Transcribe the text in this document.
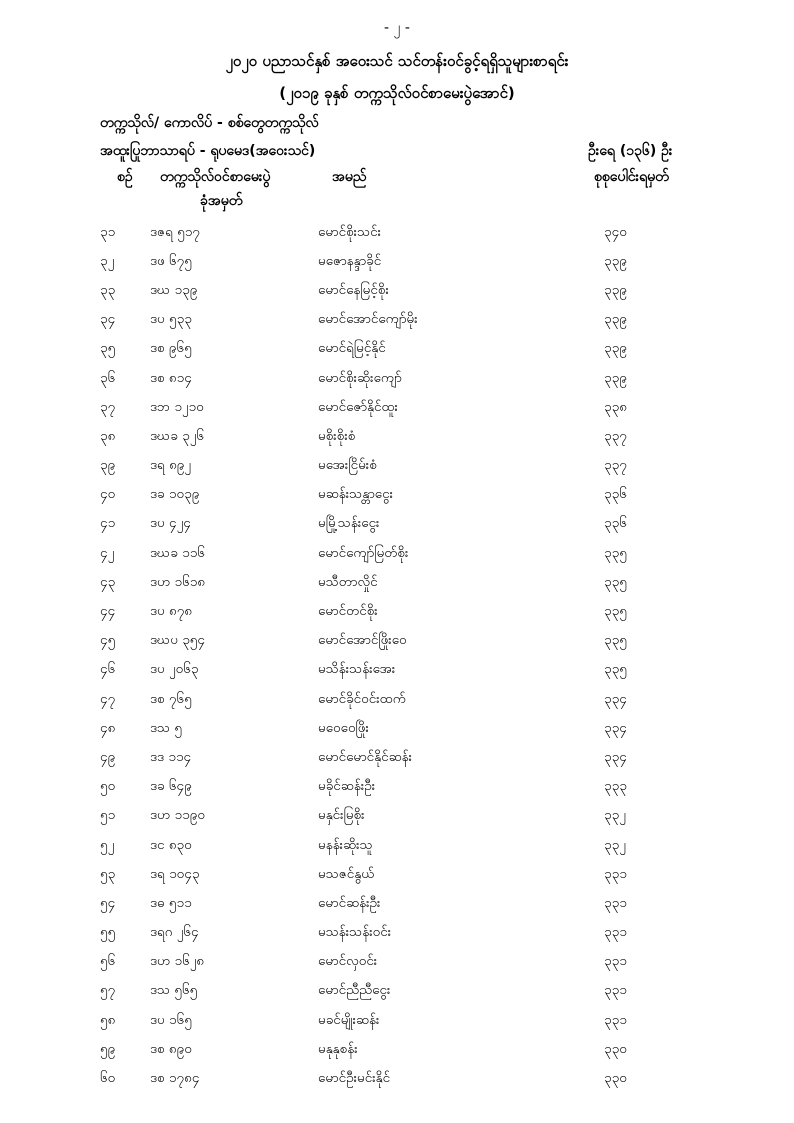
- ၂ -
၂၀၂၀ ပညာသင်နှစ် အဝေးသင် သင်တန်းဝင်ခွင့်ရရှိသူများစာရင်း
(၂၀၁၉ ခုနှစ် တက္ကသိုလ်ဝင်စာမေးပွဲအောင်)
တက္ကသိုလ်/ ကောလိပ် - စစ်တွေတက္ကသိုလ်
အထူးပြုဘာသာရပ် - ရုပမေဒ(အဝေးသင်)	ဦးရေ (၁၃၆) ဦး
စဉ် တက္ကသိုလ်ဝင်စာမေးပွဲ
ခုံအမှတ်
အမည်	စုစုပေါင်းရမှတ်
၃၁	ဒဇရ ၅၁၇	မောင်စိုးသင်း	၃၄၀
၃၂	ဒဖ ၆၇၅	မဇောနန္ဒာခိုင်	၃၃၉
၃၃	ဒဃ ၁၃၉	မောင်နေမြင့်စိုး	၃၃၉
၃၄	ဒပ ၅၃၃	မောင်အောင်ကျော်မိုး	၃၃၉
၃၅	ဒစ ၉၆၅	မောင်ရဲမြင့်နိုင်	၃၃၉
၃၆	ဒစ ၈၁၄	မောင်စိုးဆိုးကျော်	၃၃၉
၃၇	ဒဘ ၁၂၁၀	မောင်ဇော်နိုင်ထူး	၃၃၈
၃၈	ဒဃခ ၃၂၆	မစိုးစိုးစံ	၃၃၇
၃၉	ဒရ ၈၉၂	မအေးငြိမ်းစံ	၃၃၇
၄၀	ဒခ ၁၀၃၉	မဆန်းသန္တာငွေး	၃၃၆
၄၁	ဒပ ၄၂၄	မမြို့သန်းငွေး	၃၃၆
၄၂	ဒဃခ ၁၁၆	မောင်ကျော်မြတ်စိုး	၃၃၅
၄၃	ဒဟ ၁၆၁၈	မသီတာလှိုင်	၃၃၅
၄၄	ဒပ ၈၇၈	မောင်တင်စိုး	၃၃၅
၄၅	ဒဃပ ၃၅၄	မောင်အောင်ဖြိုးဝေ	၃၃၅
၄၆	ဒပ ၂၀၆၃	မသိန်းသန်းအေး	၃၃၅
၄၇	ဒစ ၇၆၅	မောင်ခိုင်ဝင်းထက်	၃၃၄
၄၈	ဒသ ၅	မဝေဝေဖြိုး	၃၃၄
၄၉	ဒဒ ၁၁၄	မောင်မောင်နိုင်ဆန်း	၃၃၄
၅၀	ဒခ ၆၄၉	မခိုင်ဆန်းဦး	၃၃၃
၅၁	ဒဟ ၁၁၉၀	မနှင်းမြစိုး	၃၃၂
၅၂	ဒင ၈၃၀	မနန်းဆိုးသူ	၃၃၂
၅၃	ဒရ ၁၀၄၃	မသဇင်နွယ်	၃၃၁
၅၄	ဒဓ ၅၁၁	မောင်ဆန်းဦး	၃၃၁
၅၅	ဒရဂ ၂၆၄	မသန်းသန်းဝင်း	၃၃၁
၅၆	ဒဟ ၁၆၂၈	မောင်လှဝင်း	၃၃၁
၅၇	ဒသ ၅၆၅	မောင်ညီညီငွေး	၃၃၁
၅၈	ဒပ ၁၆၅	မခင်မျိုးဆန်း	၃၃၁
၅၉	ဒစ ၈၉၀	မနုနုစန်း	၃၃၀
၆၀	ဒစ ၁၇၈၄	မောင်ဦးမင်းနိုင်	၃၃၀
